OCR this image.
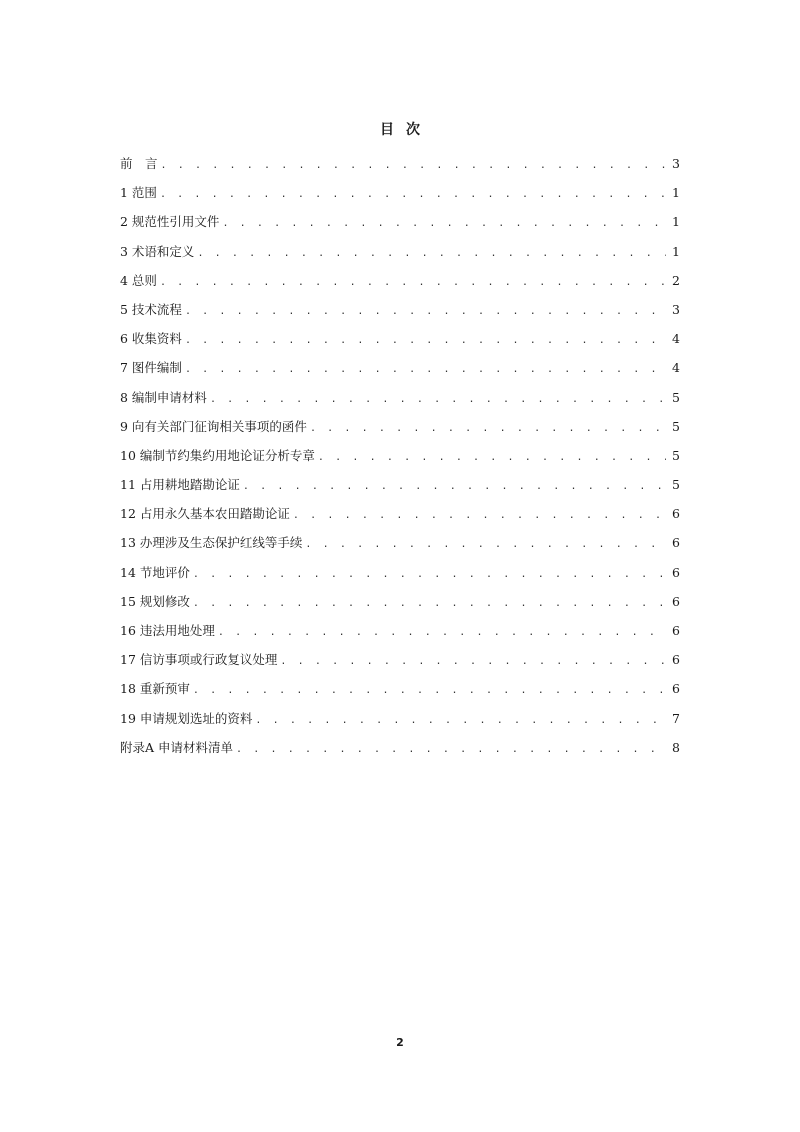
目次
前　言 . . .	3
1 范围 . . .	1
2 规范性引用文件 . . .	1
3 术语和定义 . . .	1
4 总则 . . .	2
5 技术流程 . . .	3
6 收集资料 . . .	4
7 图件编制 . . .	4
8 编制申请材料 . . .	5
9 向有关部门征询相关事项的函件 . . .	5
10 编制节约集约用地论证分析专章 . . .	5
11 占用耕地踏勘论证 . . .	5
12 占用永久基本农田踏勘论证 . . .	6
13 办理涉及生态保护红线等手续 . . .	6
14 节地评价 . . .	6
15 规划修改 . . .	6
16 违法用地处理 . . .	6
17 信访事项或行政复议处理 . . .	6
18 重新预审 . . .	6
19 申请规划选址的资料 . . .	7
附录A 申请材料清单 . . .	8
2
